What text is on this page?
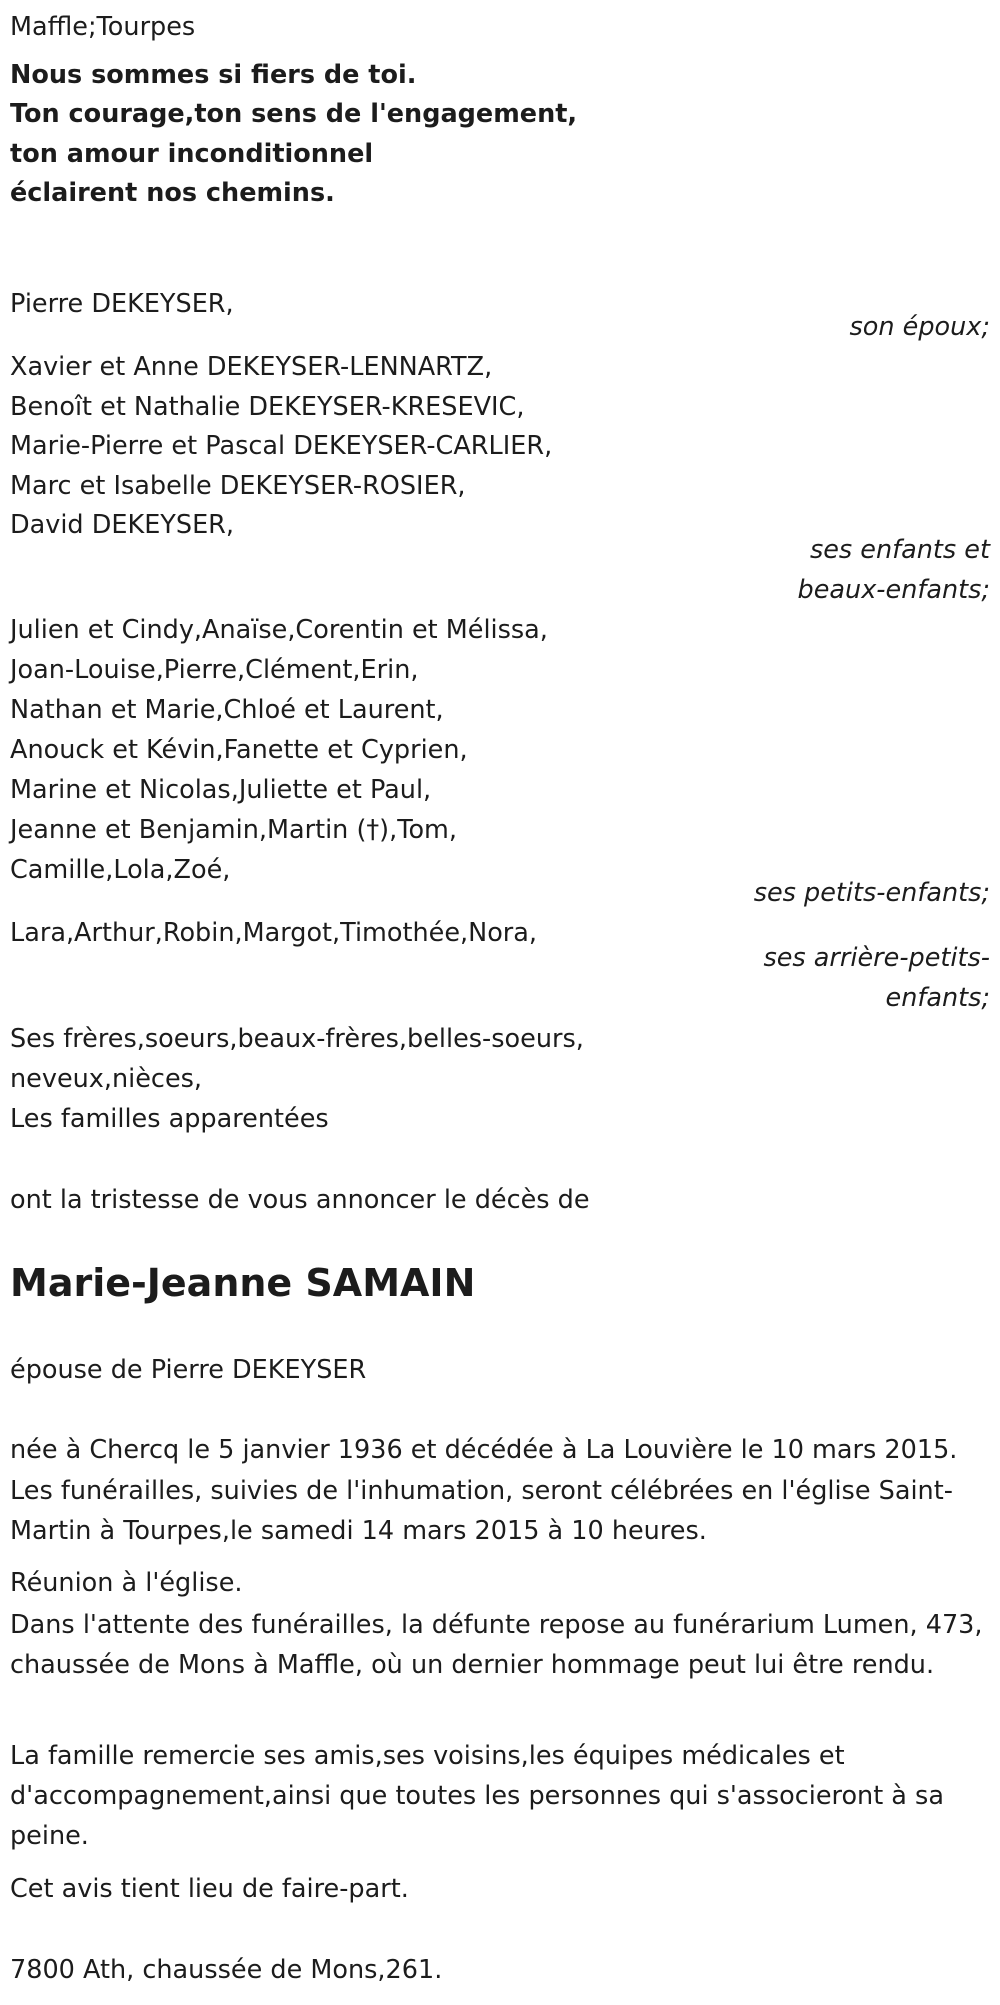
Maffle;Tourpes
Nous sommes si fiers de toi.
Ton courage,ton sens de l'engagement,
ton amour inconditionnel
éclairent nos chemins.
Pierre DEKEYSER,
son époux;
Xavier et Anne DEKEYSER-LENNARTZ,
Benoît et Nathalie DEKEYSER-KRESEVIC,
Marie-Pierre et Pascal DEKEYSER-CARLIER,
Marc et Isabelle DEKEYSER-ROSIER,
David DEKEYSER,
ses enfants et
beaux-enfants;
Julien et Cindy,Anaïse,Corentin et Mélissa,
Joan-Louise,Pierre,Clément,Erin,
Nathan et Marie,Chloé et Laurent,
Anouck et Kévin,Fanette et Cyprien,
Marine et Nicolas,Juliette et Paul,
Jeanne et Benjamin,Martin (†),Tom,
Camille,Lola,Zoé,
ses petits-enfants;
Lara,Arthur,Robin,Margot,Timothée,Nora,
ses arrière-petits-
enfants;
Ses frères,soeurs,beaux-frères,belles-soeurs,
neveux,nièces,
Les familles apparentées
ont la tristesse de vous annoncer le décès de
Marie-Jeanne SAMAIN
épouse de Pierre DEKEYSER
née à Chercq le 5 janvier 1936 et décédée à La Louvière le 10 mars 2015.
Les funérailles, suivies de l'inhumation, seront célébrées en l'église Saint-Martin à Tourpes,le samedi 14 mars 2015 à 10 heures.
Réunion à l'église.
Dans l'attente des funérailles, la défunte repose au funérarium Lumen, 473, chaussée de Mons à Maffle, où un dernier hommage peut lui être rendu.
La famille remercie ses amis,ses voisins,les équipes médicales et d'accompagnement,ainsi que toutes les personnes qui s'associeront à sa peine.
Cet avis tient lieu de faire-part.
7800 Ath, chaussée de Mons,261.
